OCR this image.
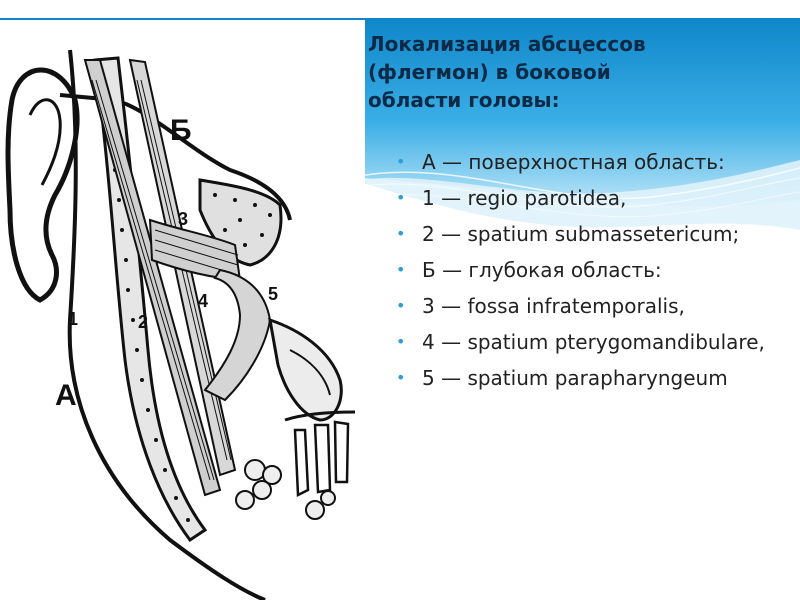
Б
А
1	2
3
4	5
Локализация абсцессов
(флегмон) в боковой
области головы:
• А — поверхностная область:
• 1 — regio parotidea,
• 2 — spatium submassetericum;
• Б — глубокая область:
• 3 — fossa infratemporalis,
• 4 — spatium pterygomandibulare,
• 5 — spatium parapharyngeum
